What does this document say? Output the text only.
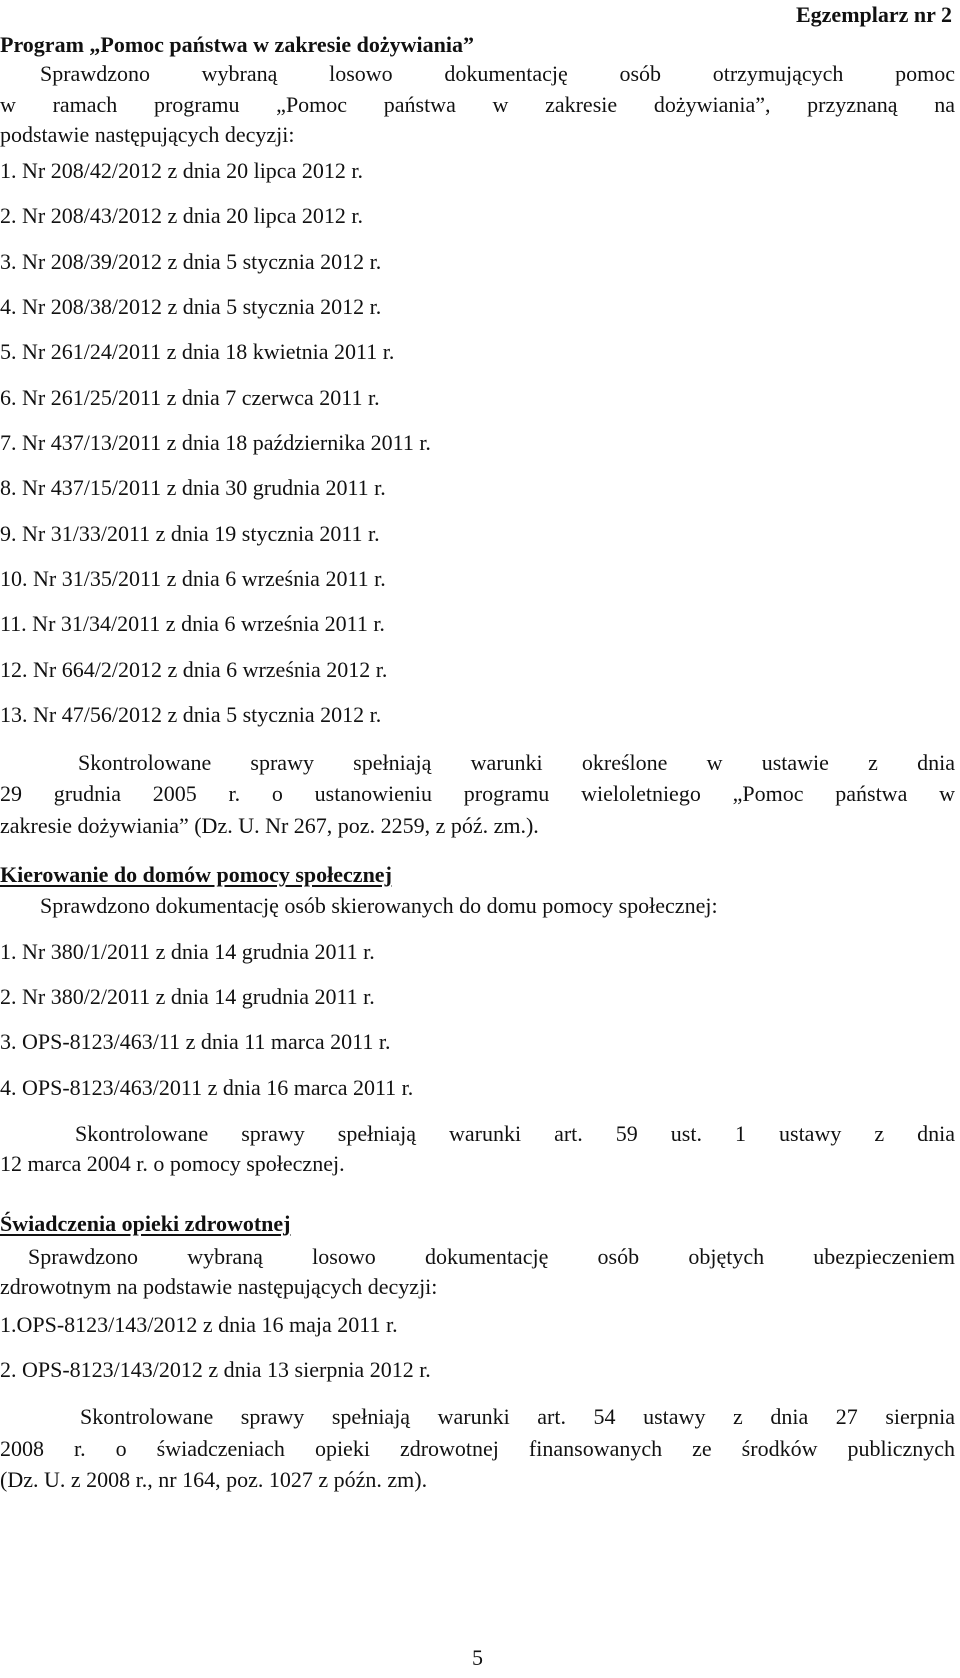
Egzemplarz nr 2
Program „Pomoc państwa w zakresie dożywiania”
Sprawdzono wybraną losowo dokumentację osób otrzymujących pomoc
w ramach programu „Pomoc państwa w zakresie dożywiania”, przyznaną na
podstawie następujących decyzji:
1. Nr 208/42/2012 z dnia 20 lipca 2012 r.
2. Nr 208/43/2012 z dnia 20 lipca 2012 r.
3. Nr 208/39/2012 z dnia 5 stycznia 2012 r.
4. Nr 208/38/2012 z dnia 5 stycznia 2012 r.
5. Nr 261/24/2011 z dnia 18 kwietnia 2011 r.
6. Nr 261/25/2011 z dnia 7 czerwca 2011 r.
7. Nr 437/13/2011 z dnia 18 października 2011 r.
8. Nr 437/15/2011 z dnia 30 grudnia 2011 r.
9. Nr 31/33/2011 z dnia 19 stycznia 2011 r.
10. Nr 31/35/2011 z dnia 6 września 2011 r.
11. Nr 31/34/2011 z dnia 6 września 2011 r.
12. Nr 664/2/2012 z dnia 6 września 2012 r.
13. Nr 47/56/2012 z dnia 5 stycznia 2012 r.
Skontrolowane sprawy spełniają warunki określone w ustawie z dnia
29 grudnia 2005 r. o ustanowieniu programu wieloletniego „Pomoc państwa w
zakresie dożywiania” (Dz. U. Nr 267, poz. 2259, z póź. zm.).
Kierowanie do domów pomocy społecznej
Sprawdzono dokumentację osób skierowanych do domu pomocy społecznej:
1. Nr 380/1/2011 z dnia 14 grudnia 2011 r.
2. Nr 380/2/2011 z dnia 14 grudnia 2011 r.
3. OPS-8123/463/11 z dnia 11 marca 2011 r.
4. OPS-8123/463/2011 z dnia 16 marca 2011 r.
Skontrolowane sprawy spełniają warunki art. 59 ust. 1 ustawy z dnia
12 marca 2004 r. o pomocy społecznej.
Świadczenia opieki zdrowotnej
Sprawdzono wybraną losowo dokumentację osób objętych ubezpieczeniem
zdrowotnym na podstawie następujących decyzji:
1.OPS-8123/143/2012 z dnia 16 maja 2011 r.
2. OPS-8123/143/2012 z dnia 13 sierpnia 2012 r.
Skontrolowane sprawy spełniają warunki art. 54 ustawy z dnia 27 sierpnia
2008 r. o świadczeniach opieki zdrowotnej finansowanych ze środków publicznych
(Dz. U. z 2008 r., nr 164, poz. 1027 z późn. zm).
5
